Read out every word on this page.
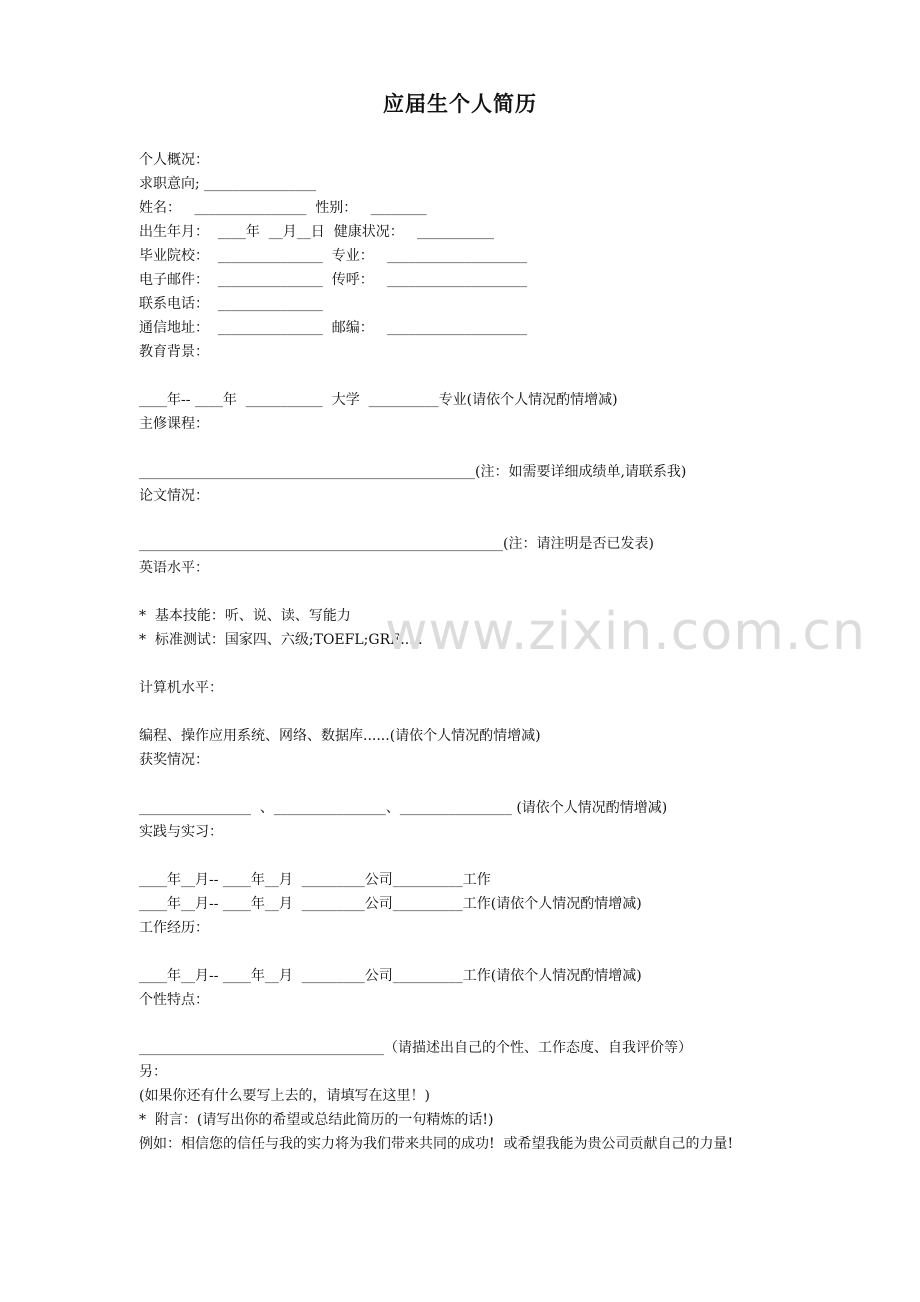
应届生个人简历
个人概况：
求职意向; ________________
姓名：   ________________  性别：   ________
出生年月：  ____年  __月__日  健康状况：   ___________
毕业院校：  _______________  专业：   ____________________
电子邮件：  _______________  传呼：   ____________________
联系电话：  _______________
通信地址：  _______________  邮编：   ____________________
教育背景：
____年-- ____年  ___________  大学  __________专业(请依个人情况酌情增减)
主修课程：
________________________________________________(注：如需要详细成绩单,请联系我)
论文情况：
____________________________________________________(注：请注明是否已发表)
英语水平：
*  基本技能：听、说、读、写能力
*  标准测试：国家四、六级;TOEFL;GRE.....
计算机水平：
编程、操作应用系统、网络、数据库......(请依个人情况酌情增减)
获奖情况：
________________  、________________、________________ (请依个人情况酌情增减)
实践与实习：
____年__月-- ____年__月  _________公司__________工作
____年__月-- ____年__月  _________公司__________工作(请依个人情况酌情增减)
工作经历：
____年__月-- ____年__月  _________公司__________工作(请依个人情况酌情增减)
个性特点：
___________________________________（请描述出自己的个性、工作态度、自我评价等）
另：
(如果你还有什么要写上去的，请填写在这里！)
*  附言：(请写出你的希望或总结此简历的一句精炼的话!)
例如：相信您的信任与我的实力将为我们带来共同的成功!  或希望我能为贵公司贡献自己的力量!
www.zixin.com.cn
